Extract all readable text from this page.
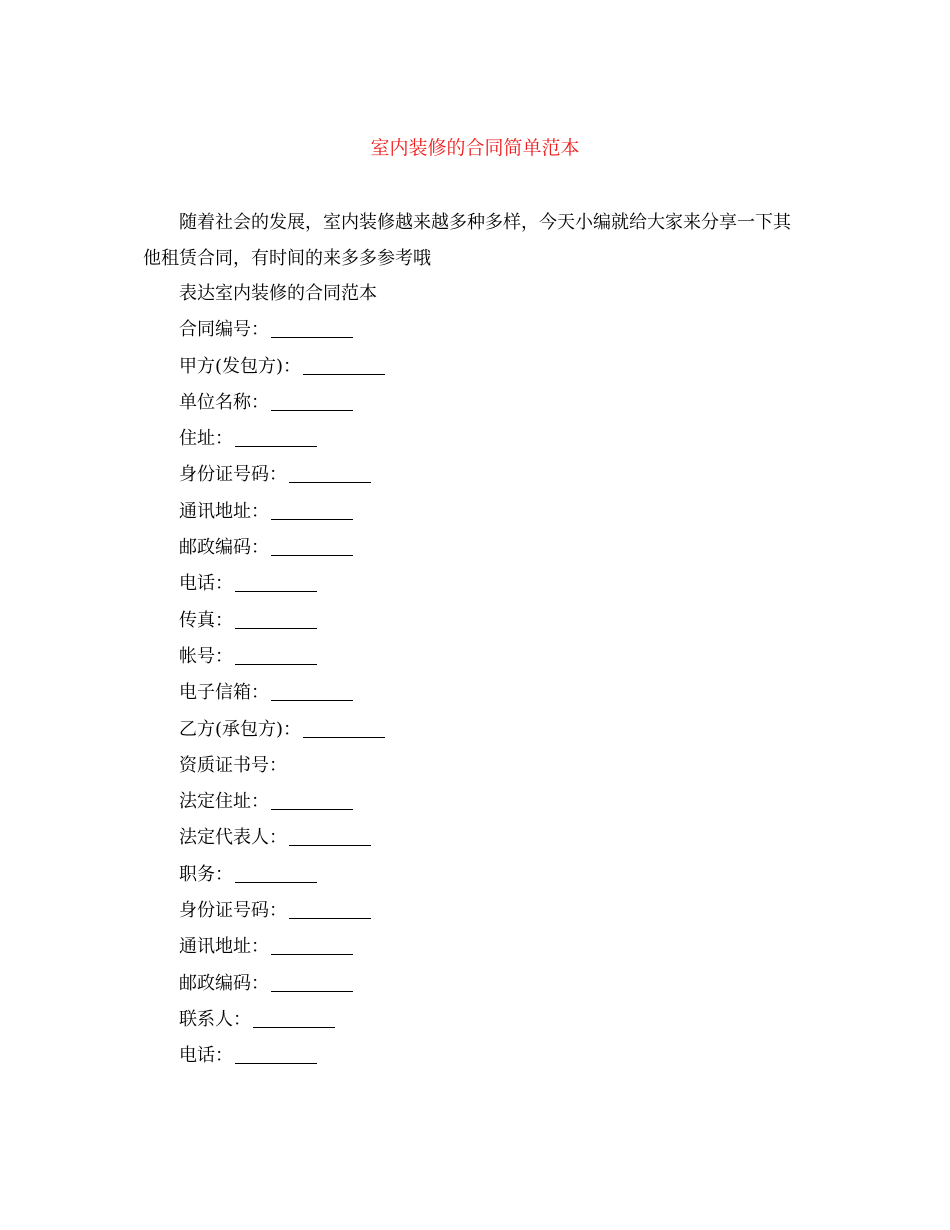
室内装修的合同简单范本

随着社会的发展，室内装修越来越多种多样，今天小编就给大家来分享一下其他租赁合同，有时间的来多多参考哦

表达室内装修的合同范本
合同编号：
甲方(发包方)：
单位名称：
住址：
身份证号码：
通讯地址：
邮政编码：
电话：
传真：
帐号：
电子信箱：
乙方(承包方)：
资质证书号：
法定住址：
法定代表人：
职务：
身份证号码：
通讯地址：
邮政编码：
联系人：
电话：
